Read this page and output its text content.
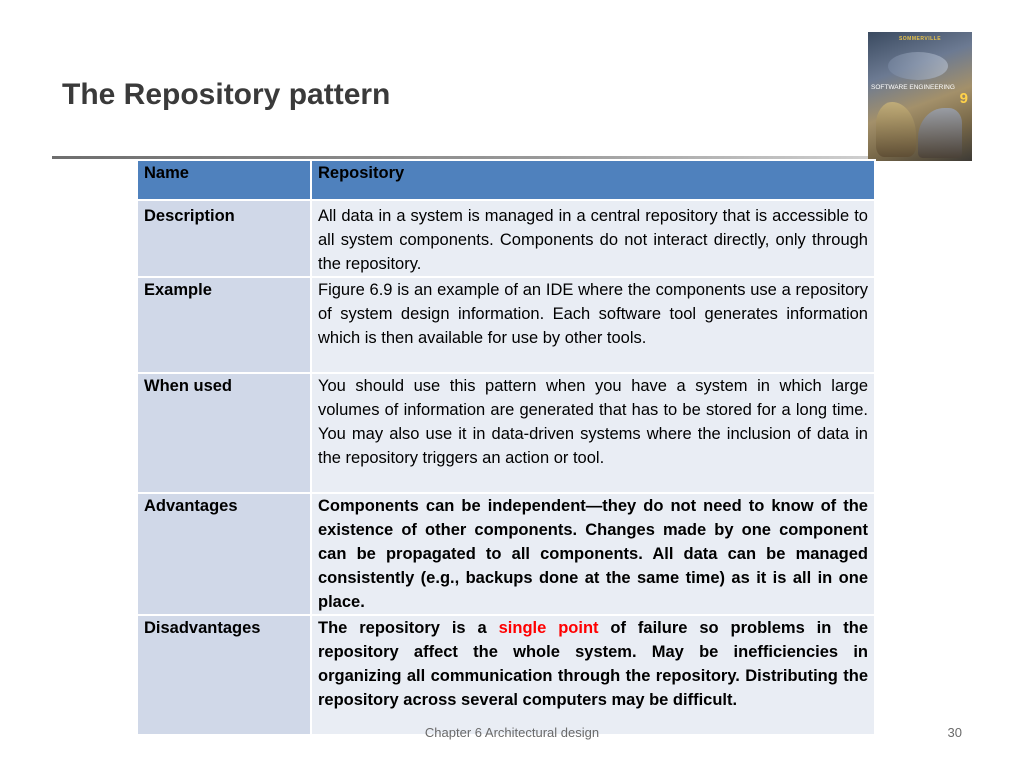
The Repository pattern
SOMMERVILLE
SOFTWARE ENGINEERING
9
Name	Repository
Description	All data in a system is managed in a central repository that is accessible to all system components. Components do not interact directly, only through the repository.
Example	Figure 6.9 is an example of an IDE where the components use a repository of system design information. Each software tool generates information which is then available for use by other tools.
When used	You should use this pattern when you have a system in which large volumes of information are generated that has to be stored for a long time. You may also use it in data-driven systems where the inclusion of data in the repository triggers an action or tool.
Advantages	Components can be independent—they do not need to know of the existence of other components. Changes made by one component can be propagated to all components. All data can be managed consistently (e.g., backups done at the same time) as it is all in one place.
Disadvantages	The repository is a single point of failure so problems in the repository affect the whole system. May be inefficiencies in organizing all communication through the repository. Distributing the repository across several computers may be difficult.
Chapter 6 Architectural design	30
